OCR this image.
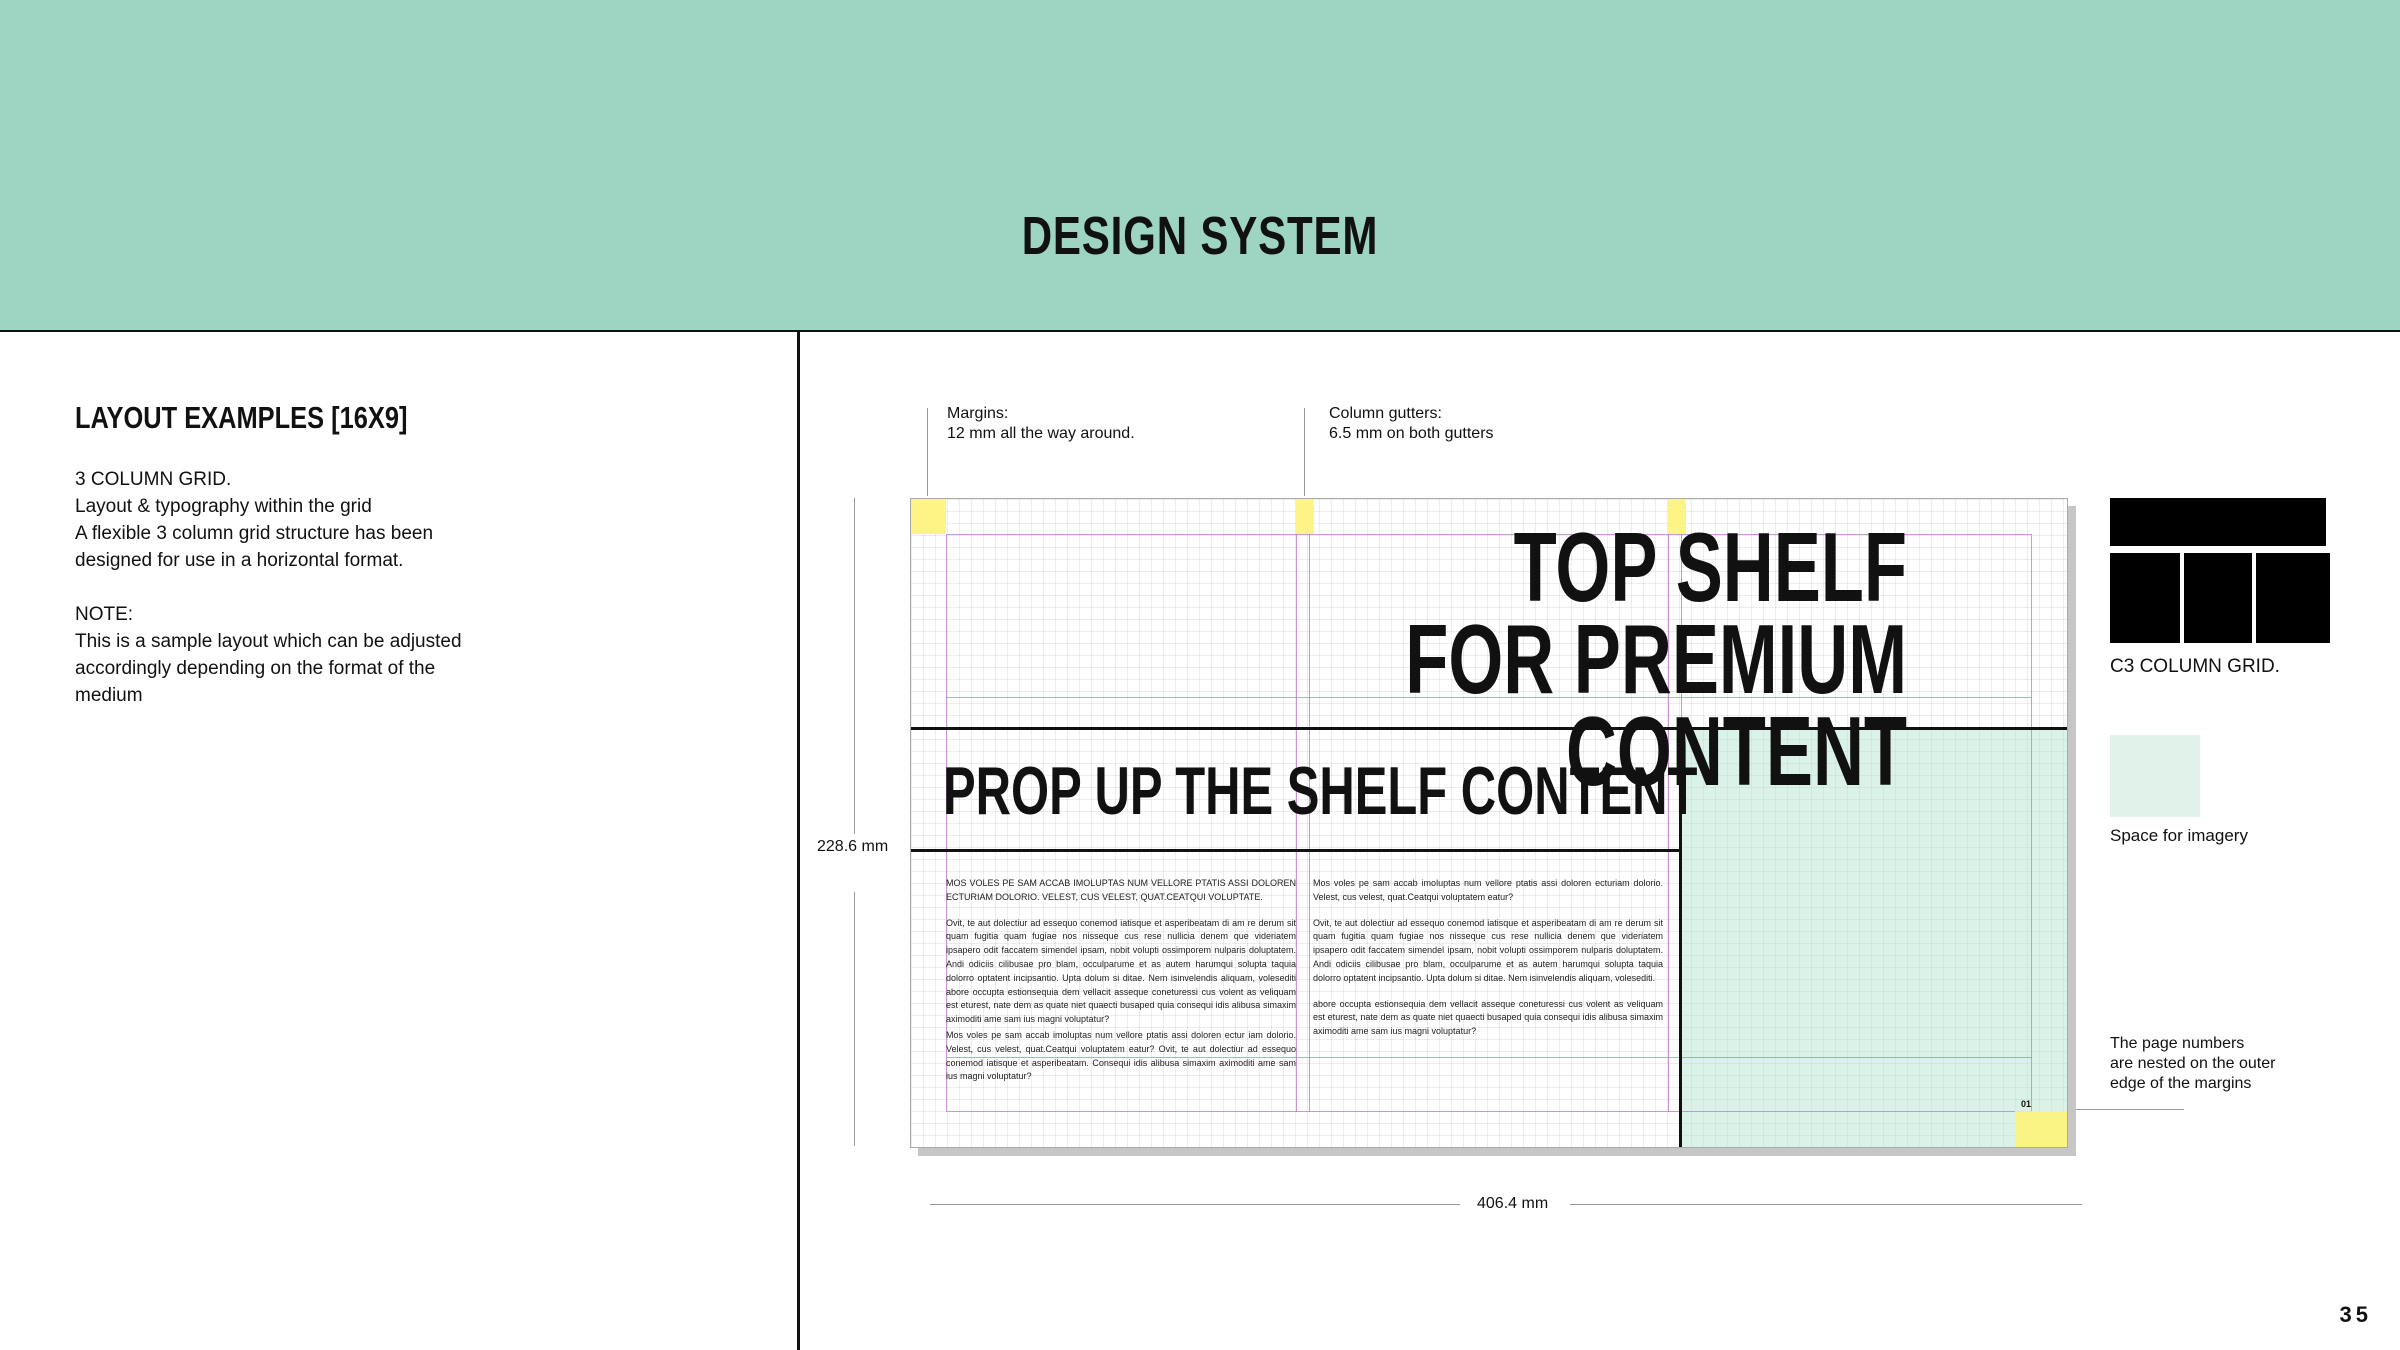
DESIGN SYSTEM
LAYOUT EXAMPLES [16X9]
3 COLUMN GRID.
Layout & typography within the grid
A flexible 3 column grid structure has been
designed for use in a horizontal format.
NOTE:
This is a sample layout which can be adjusted accordingly depending on the format of the medium
Margins:
12 mm all the way around.
Column gutters:
6.5 mm on both gutters
228.6 mm
406.4 mm
The page numbers
are nested on the outer
edge of the margins
TOP SHELF
FOR PREMIUM CONTENT
PROP UP THE SHELF CONTENT

MOS VOLES PE SAM ACCAB IMOLUPTAS NUM VELLORE PTATIS ASSI DOLOREN ECTURIAM DOLORIO. VELEST, CUS VELEST, QUAT.CEATQUI VOLUPTATE.

Ovit, te aut dolectiur ad essequo conemod iatisque et asperibeatam di am re derum sit quam fugitia quam fugiae nos nisseque cus rese nullicia denem que videriatem ipsapero odit faccatem simendel ipsam, nobit volupti ossimporem nulparis doluptatem. Andi odiciis cilibusae pro blam, occulparume et as autem harumqui solupta taquia dolorro optatent incipsantio. Upta dolum si ditae. Nem isinvelendis aliquam, volesediti abore occupta estionsequia dem vellacit asseque coneturessi cus volent as veliquam est eturest, nate dem as quate niet quaecti busaped quia consequi idis alibusa simaxim aximoditi ame sam ius magni voluptatur?

Mos voles pe sam accab imoluptas num vellore ptatis assi doloren ectur iam dolorio. Velest, cus velest, quat.Ceatqui voluptatem eatur? Ovit, te aut dolectiur ad essequo conemod iatisque et asperibeatam. Consequi idis alibusa simaxim aximoditi ame sam ius magni voluptatur?

Mos voles pe sam accab imoluptas num vellore ptatis assi doloren ecturiam dolorio. Velest, cus velest, quat.Ceatqui voluptatem eatur?

Ovit, te aut dolectiur ad essequo conemod iatisque et asperibeatam di am re derum sit quam fugitia quam fugiae nos nisseque cus rese nullicia denem que videriatem ipsapero odit faccatem simendel ipsam, nobit volupti ossimporem nulparis doluptatem. Andi odiciis cilibusae pro blam, occulparume et as autem harumqui solupta taquia dolorro optatent incipsantio. Upta dolum si ditae. Nem isinvelendis aliquam, volesediti.

abore occupta estionsequia dem vellacit asseque coneturessi cus volent as veliquam est eturest, nate dem as quate niet quaecti busaped quia consequi idis alibusa simaxim aximoditi ame sam ius magni voluptatur?

01
C3 COLUMN GRID.
Space for imagery
35
